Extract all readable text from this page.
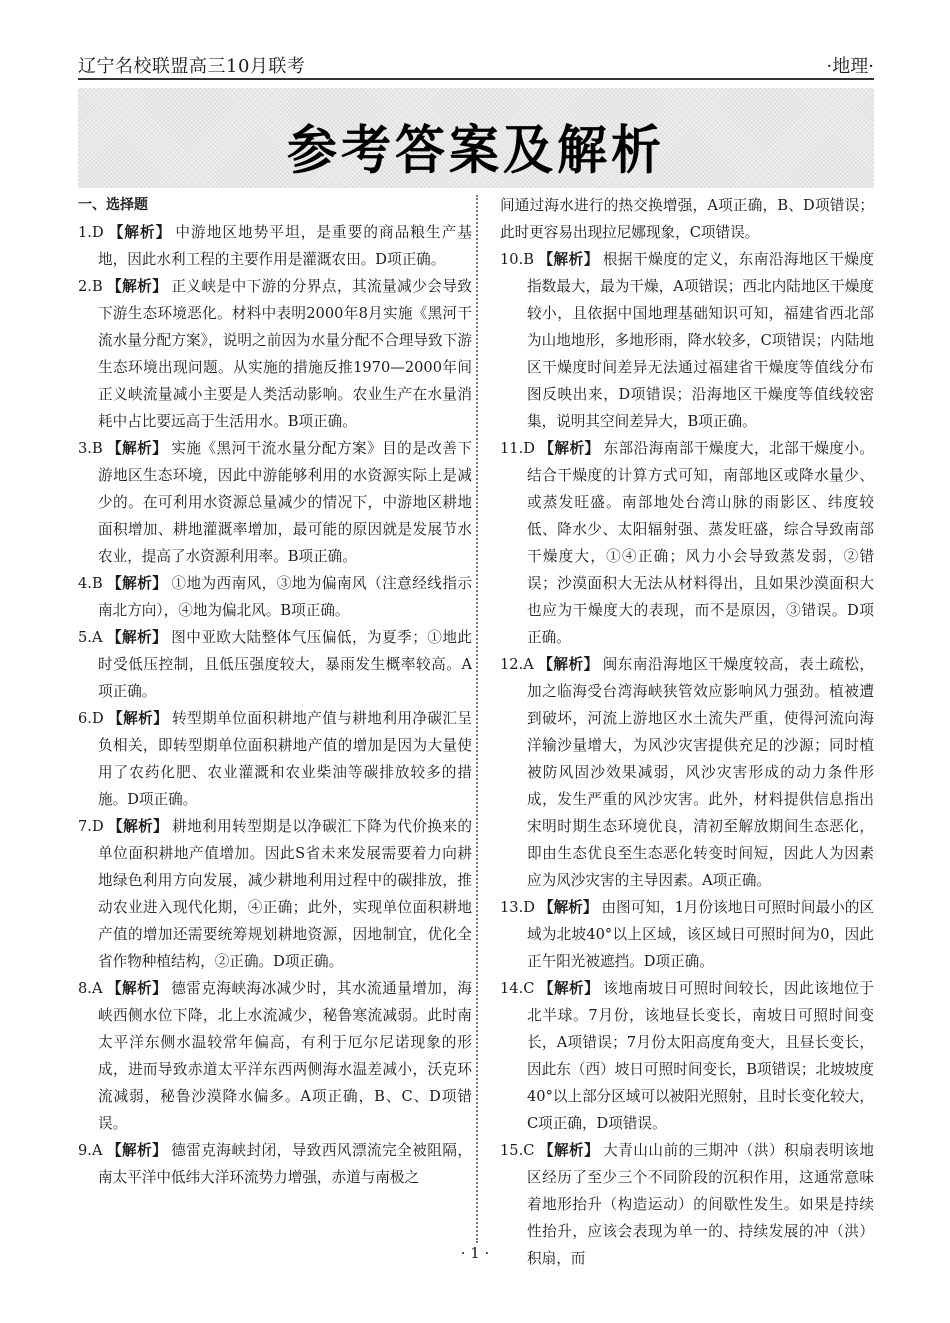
辽宁名校联盟高三10月联考	·地理·
参考答案及解析
一、选择题

1.D 【解析】 中游地区地势平坦，是重要的商品粮生产基地，因此水利工程的主要作用是灌溉农田。D项正确。

2.B 【解析】 正义峡是中下游的分界点，其流量减少会导致下游生态环境恶化。材料中表明2000年8月实施《黑河干流水量分配方案》，说明之前因为水量分配不合理导致下游生态环境出现问题。从实施的措施反推1970—2000年间正义峡流量减小主要是人类活动影响。农业生产在水量消耗中占比要远高于生活用水。B项正确。

3.B 【解析】 实施《黑河干流水量分配方案》目的是改善下游地区生态环境，因此中游能够利用的水资源实际上是减少的。在可利用水资源总量减少的情况下，中游地区耕地面积增加、耕地灌溉率增加，最可能的原因就是发展节水农业，提高了水资源利用率。B项正确。

4.B 【解析】 ①地为西南风，③地为偏南风（注意经线指示南北方向），④地为偏北风。B项正确。

5.A 【解析】 图中亚欧大陆整体气压偏低，为夏季；①地此时受低压控制，且低压强度较大，暴雨发生概率较高。A项正确。

6.D 【解析】 转型期单位面积耕地产值与耕地利用净碳汇呈负相关，即转型期单位面积耕地产值的增加是因为大量使用了农药化肥、农业灌溉和农业柴油等碳排放较多的措施。D项正确。

7.D 【解析】 耕地利用转型期是以净碳汇下降为代价换来的单位面积耕地产值增加。因此S省未来发展需要着力向耕地绿色利用方向发展，减少耕地利用过程中的碳排放，推动农业进入现代化期，④正确；此外，实现单位面积耕地产值的增加还需要统筹规划耕地资源，因地制宜，优化全省作物种植结构，②正确。D项正确。

8.A 【解析】 德雷克海峡海冰减少时，其水流通量增加，海峡西侧水位下降，北上水流减少，秘鲁寒流减弱。此时南太平洋东侧水温较常年偏高，有利于厄尔尼诺现象的形成，进而导致赤道太平洋东西两侧海水温差减小，沃克环流减弱，秘鲁沙漠降水偏多。A项正确，B、C、D项错误。

9.A 【解析】 德雷克海峡封闭，导致西风漂流完全被阻隔，南太平洋中低纬大洋环流势力增强，赤道与南极之

间通过海水进行的热交换增强，A项正确，B、D项错误；此时更容易出现拉尼娜现象，C项错误。

10.B 【解析】 根据干燥度的定义，东南沿海地区干燥度指数最大，最为干燥，A项错误；西北内陆地区干燥度较小，且依据中国地理基础知识可知，福建省西北部为山地地形，多地形雨，降水较多，C项错误；内陆地区干燥度时间差异无法通过福建省干燥度等值线分布图反映出来，D项错误；沿海地区干燥度等值线较密集，说明其空间差异大，B项正确。

11.D 【解析】 东部沿海南部干燥度大，北部干燥度小。结合干燥度的计算方式可知，南部地区或降水量少、或蒸发旺盛。南部地处台湾山脉的雨影区、纬度较低、降水少、太阳辐射强、蒸发旺盛，综合导致南部干燥度大，①④正确；风力小会导致蒸发弱，②错误；沙漠面积大无法从材料得出，且如果沙漠面积大也应为干燥度大的表现，而不是原因，③错误。D项正确。

12.A 【解析】 闽东南沿海地区干燥度较高，表土疏松，加之临海受台湾海峡狭管效应影响风力强劲。植被遭到破坏，河流上游地区水土流失严重，使得河流向海洋输沙量增大，为风沙灾害提供充足的沙源；同时植被防风固沙效果减弱，风沙灾害形成的动力条件形成，发生严重的风沙灾害。此外，材料提供信息指出宋明时期生态环境优良，清初至解放期间生态恶化，即由生态优良至生态恶化转变时间短，因此人为因素应为风沙灾害的主导因素。A项正确。

13.D 【解析】 由图可知，1月份该地日可照时间最小的区域为北坡40°以上区域，该区域日可照时间为0，因此正午阳光被遮挡。D项正确。

14.C 【解析】 该地南坡日可照时间较长，因此该地位于北半球。7月份，该地昼长变长，南坡日可照时间变长，A项错误；7月份太阳高度角变大，且昼长变长，因此东（西）坡日可照时间变长，B项错误；北坡坡度40°以上部分区域可以被阳光照射，且时长变化较大，C项正确，D项错误。

15.C 【解析】 大青山山前的三期冲（洪）积扇表明该地区经历了至少三个不同阶段的沉积作用，这通常意味着地形抬升（构造运动）的间歇性发生。如果是持续性抬升，应该会表现为单一的、持续发展的冲（洪）积扇，而

· 1 ·
